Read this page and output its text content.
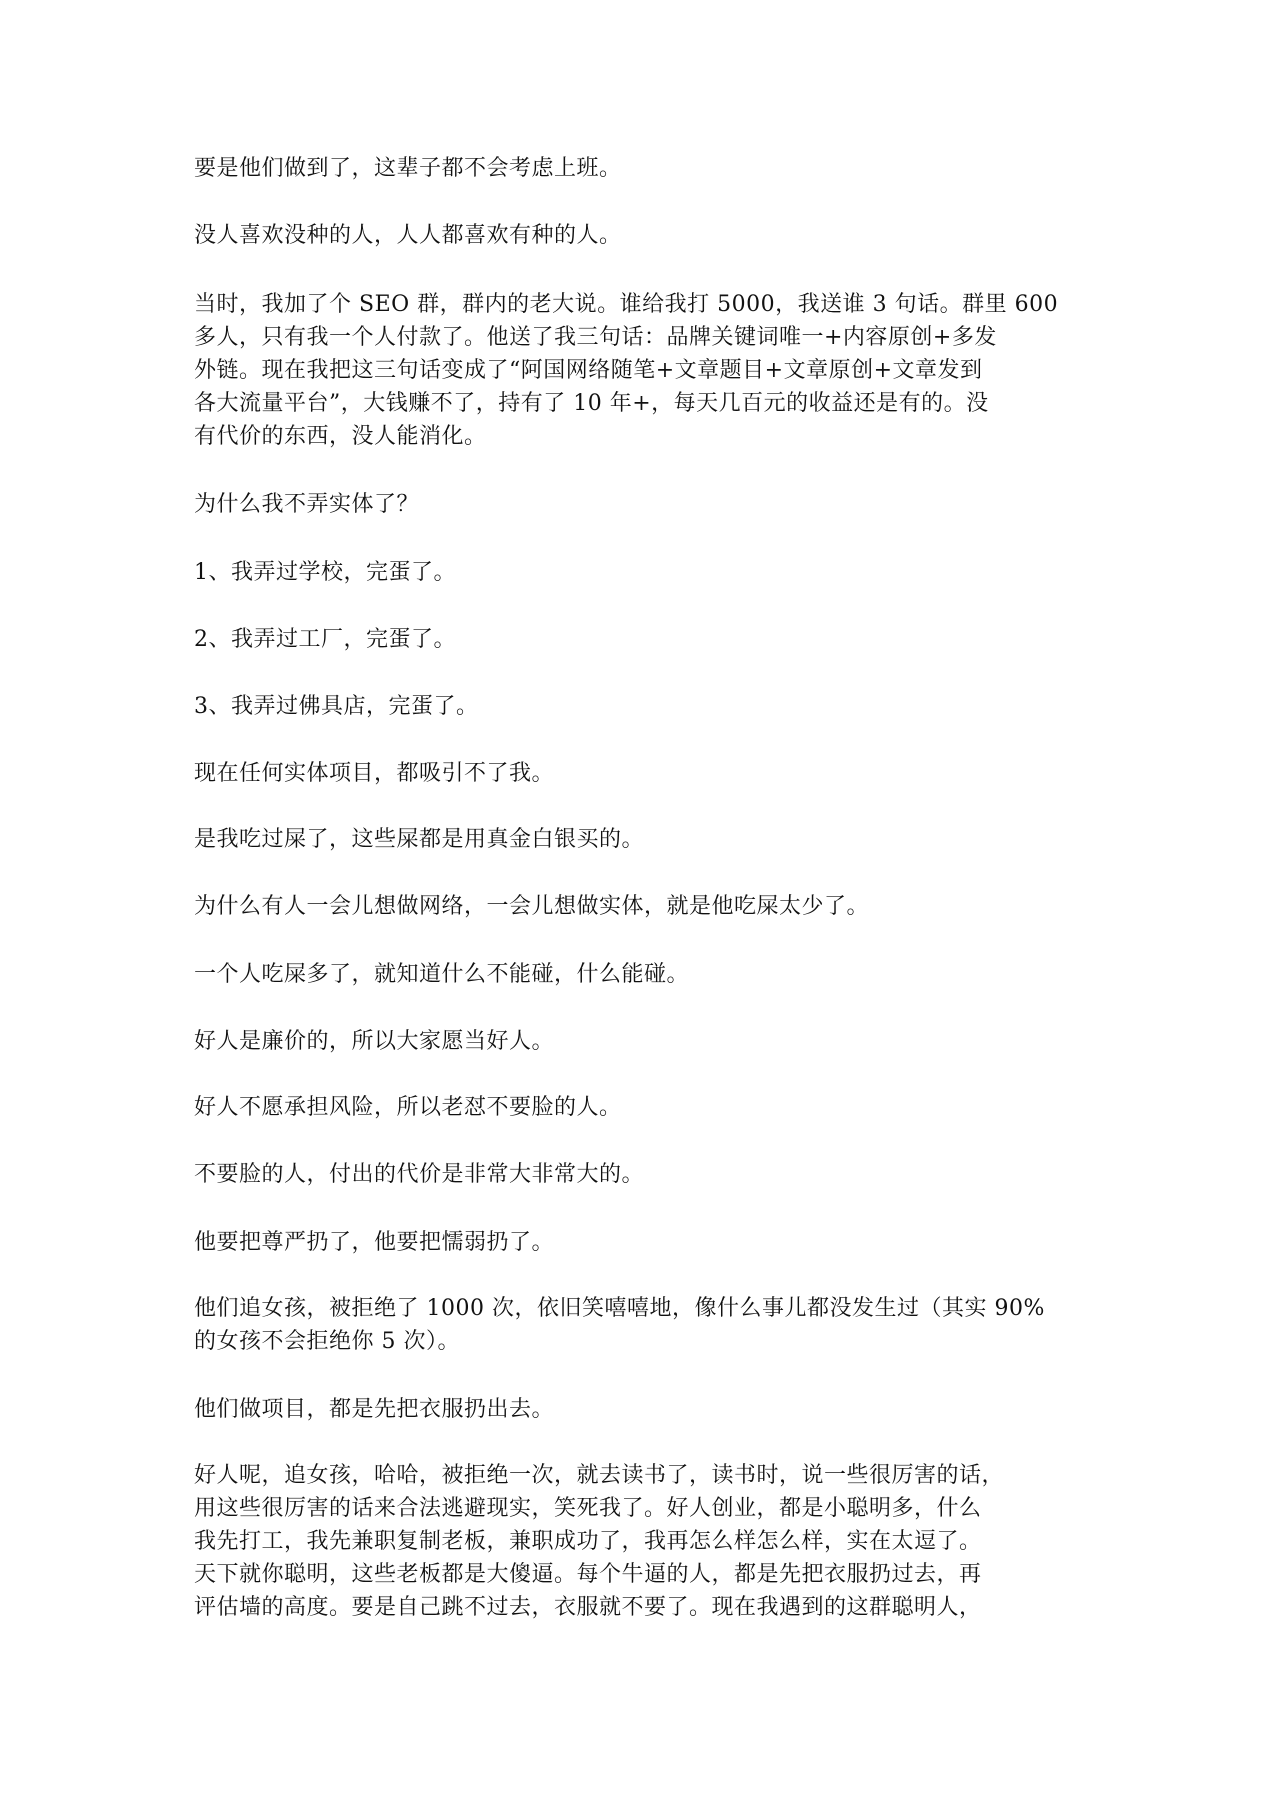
要是他们做到了，这辈子都不会考虑上班。
没人喜欢没种的人，人人都喜欢有种的人。
当时，我加了个 SEO 群，群内的老大说。谁给我打 5000，我送谁 3 句话。群里 600
多人，只有我一个人付款了。他送了我三句话：品牌关键词唯一+内容原创+多发
外链。现在我把这三句话变成了“阿国网络随笔+文章题目+文章原创+文章发到
各大流量平台”，大钱赚不了，持有了 10 年+，每天几百元的收益还是有的。没
有代价的东西，没人能消化。
为什么我不弄实体了？
1、我弄过学校，完蛋了。
2、我弄过工厂，完蛋了。
3、我弄过佛具店，完蛋了。
现在任何实体项目，都吸引不了我。
是我吃过屎了，这些屎都是用真金白银买的。
为什么有人一会儿想做网络，一会儿想做实体，就是他吃屎太少了。
一个人吃屎多了，就知道什么不能碰，什么能碰。
好人是廉价的，所以大家愿当好人。
好人不愿承担风险，所以老怼不要脸的人。
不要脸的人，付出的代价是非常大非常大的。
他要把尊严扔了，他要把懦弱扔了。
他们追女孩，被拒绝了 1000 次，依旧笑嘻嘻地，像什么事儿都没发生过（其实 90%
的女孩不会拒绝你 5 次）。
他们做项目，都是先把衣服扔出去。
好人呢，追女孩，哈哈，被拒绝一次，就去读书了，读书时，说一些很厉害的话，
用这些很厉害的话来合法逃避现实，笑死我了。好人创业，都是小聪明多，什么
我先打工，我先兼职复制老板，兼职成功了，我再怎么样怎么样，实在太逗了。
天下就你聪明，这些老板都是大傻逼。每个牛逼的人，都是先把衣服扔过去，再
评估墙的高度。要是自己跳不过去，衣服就不要了。现在我遇到的这群聪明人，
